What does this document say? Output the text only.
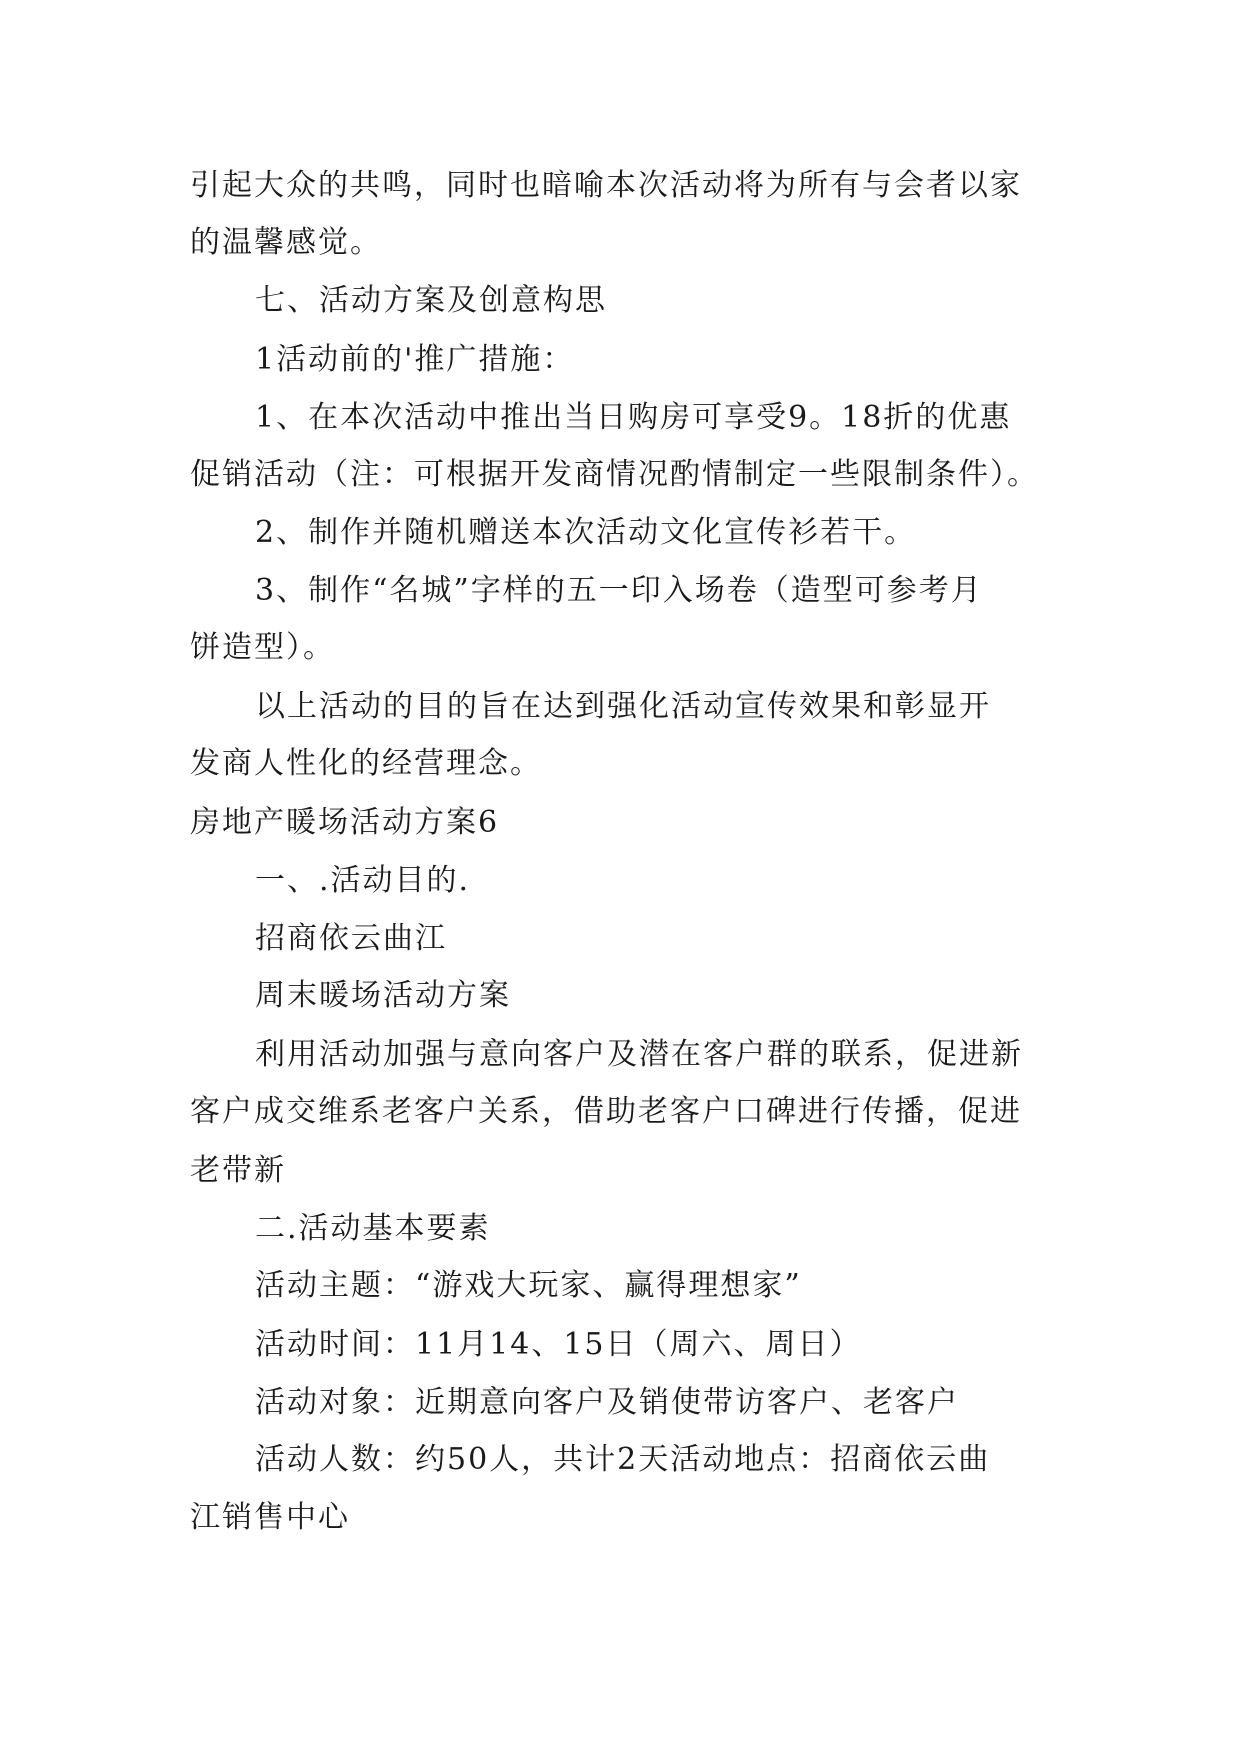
引起大众的共鸣，同时也暗喻本次活动将为所有与会者以家
的温馨感觉。
七、活动方案及创意构思
1活动前的'推广措施：
1、在本次活动中推出当日购房可享受9。18折的优惠
促销活动（注：可根据开发商情况酌情制定一些限制条件）。
2、制作并随机赠送本次活动文化宣传衫若干。
3、制作“名城”字样的五一印入场卷（造型可参考月
饼造型）。
以上活动的目的旨在达到强化活动宣传效果和彰显开
发商人性化的经营理念。
房地产暖场活动方案6
一、.活动目的.
招商依云曲江
周末暖场活动方案
利用活动加强与意向客户及潜在客户群的联系，促进新
客户成交维系老客户关系，借助老客户口碑进行传播，促进
老带新
二.活动基本要素
活动主题：“游戏大玩家、赢得理想家”
活动时间：11月14、15日（周六、周日）
活动对象：近期意向客户及销使带访客户、老客户
活动人数：约50人，共计2天活动地点：招商依云曲
江销售中心
